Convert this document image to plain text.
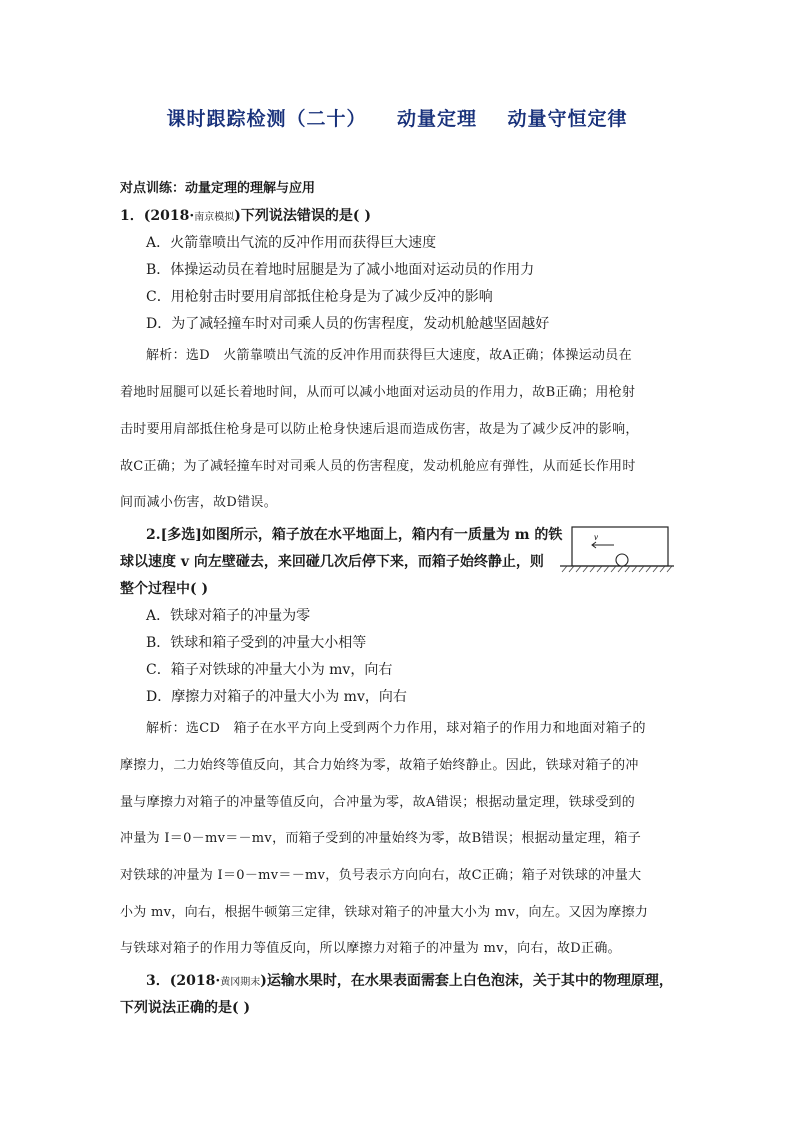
课时跟踪检测（二十）    动量定理    动量守恒定律
对点训练：动量定理的理解与应用
1．(2018·南京模拟)下列说法错误的是( )
A．火箭靠喷出气流的反冲作用而获得巨大速度
B．体操运动员在着地时屈腿是为了减小地面对运动员的作用力
C．用枪射击时要用肩部抵住枪身是为了减少反冲的影响
D．为了减轻撞车时对司乘人员的伤害程度，发动机舱越坚固越好
解析：选D　火箭靠喷出气流的反冲作用而获得巨大速度，故A正确；体操运动员在
着地时屈腿可以延长着地时间，从而可以减小地面对运动员的作用力，故B正确；用枪射
击时要用肩部抵住枪身是可以防止枪身快速后退而造成伤害，故是为了减少反冲的影响，
故C正确；为了减轻撞车时对司乘人员的伤害程度，发动机舱应有弹性，从而延长作用时
间而减小伤害，故D错误。
2.[多选]如图所示，箱子放在水平地面上，箱内有一质量为 m 的铁
球以速度 v 向左壁碰去，来回碰几次后停下来，而箱子始终静止，则
整个过程中( )
v
A．铁球对箱子的冲量为零
B．铁球和箱子受到的冲量大小相等
C．箱子对铁球的冲量大小为 mv，向右
D．摩擦力对箱子的冲量大小为 mv，向右
解析：选CD　箱子在水平方向上受到两个力作用，球对箱子的作用力和地面对箱子的
摩擦力，二力始终等值反向，其合力始终为零，故箱子始终静止。因此，铁球对箱子的冲
量与摩擦力对箱子的冲量等值反向，合冲量为零，故A错误；根据动量定理，铁球受到的
冲量为 I＝0－mv＝－mv，而箱子受到的冲量始终为零，故B错误；根据动量定理，箱子
对铁球的冲量为 I＝0－mv＝－mv，负号表示方向向右，故C正确；箱子对铁球的冲量大
小为 mv，向右，根据牛顿第三定律，铁球对箱子的冲量大小为 mv，向左。又因为摩擦力
与铁球对箱子的作用力等值反向，所以摩擦力对箱子的冲量为 mv，向右，故D正确。
3．(2018·黄冈期末)运输水果时，在水果表面需套上白色泡沫，关于其中的物理原理，
下列说法正确的是( )
